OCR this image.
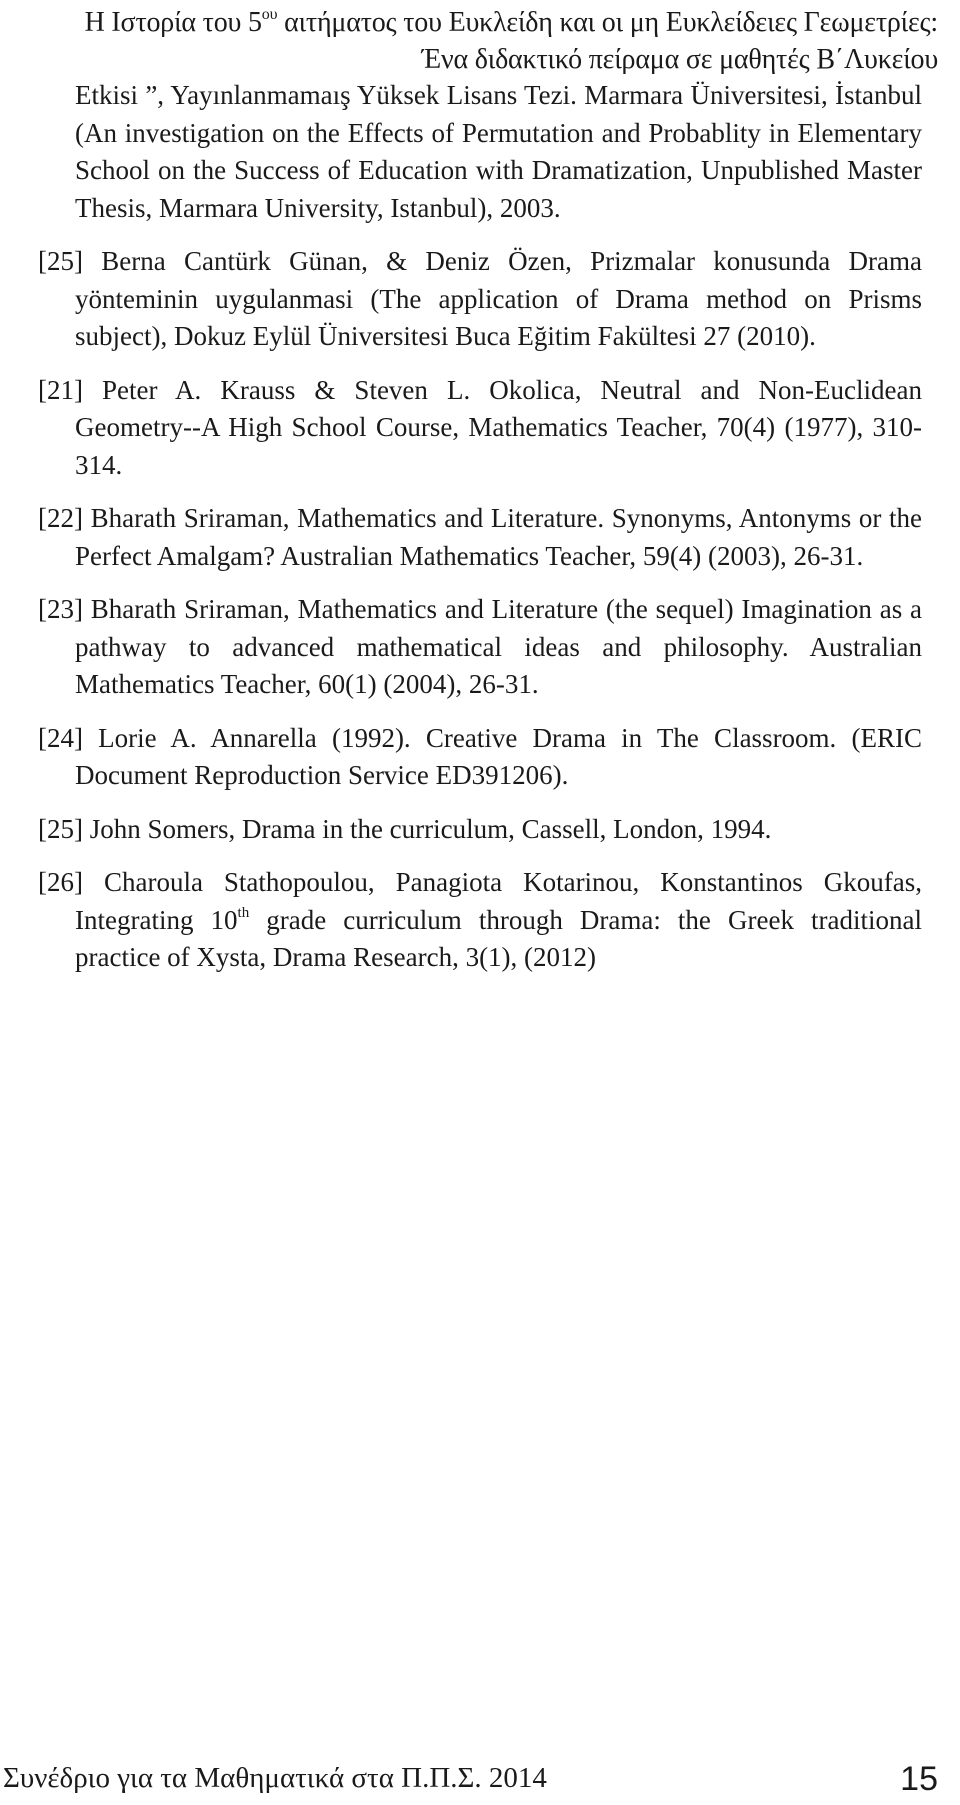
Η Ιστορία του $5^{o\upsilon}$ αιτήματος του Ευκλείδη και οι μη Ευκλείδειες Γεωμετρίες:
Ένα διδακτικό πείραμα σε μαθητές Β΄Λυκείου

Etkisi ”, Yayınlanmamaış Yüksek Lisans Tezi. Marmara Üniversitesi, İstanbul (An investigation on the Effects of Permutation and Probablity in Elementary School on the Success of Education with Dramatization, Unpublished Master Thesis, Marmara University, Istanbul), 2003.

[25] Berna Cantürk Günan, & Deniz Özen, Prizmalar konusunda Drama yönteminin uygulanmasi (The application of Drama method on Prisms subject), Dokuz Eylül Üniversitesi Buca Eğitim Fakültesi 27 (2010).

[21] Peter A. Krauss & Steven L. Okolica, Neutral and Non-Euclidean Geometry--A High School Course, Mathematics Teacher, 70(4) (1977), 310-314.

[22] Bharath Sriraman, Mathematics and Literature. Synonyms, Antonyms or the Perfect Amalgam? Australian Mathematics Teacher, 59(4) (2003), 26-31.

[23] Bharath Sriraman, Mathematics and Literature (the sequel) Imagination as a pathway to advanced mathematical ideas and philosophy. Australian Mathematics Teacher, 60(1) (2004), 26-31.

[24] Lorie A. Annarella (1992). Creative Drama in The Classroom. (ERIC Document Reproduction Service ED391206).

[25] John Somers, Drama in the curriculum, Cassell, London, 1994.

[26] Charoula Stathopoulou, Panagiota Kotarinou, Konstantinos Gkoufas, Integrating 10th grade curriculum through Drama: the Greek traditional practice of Xysta, Drama Research, 3(1), (2012)

Συνέδριο για τα Μαθηματικά στα Π.Π.Σ. 2014	15
